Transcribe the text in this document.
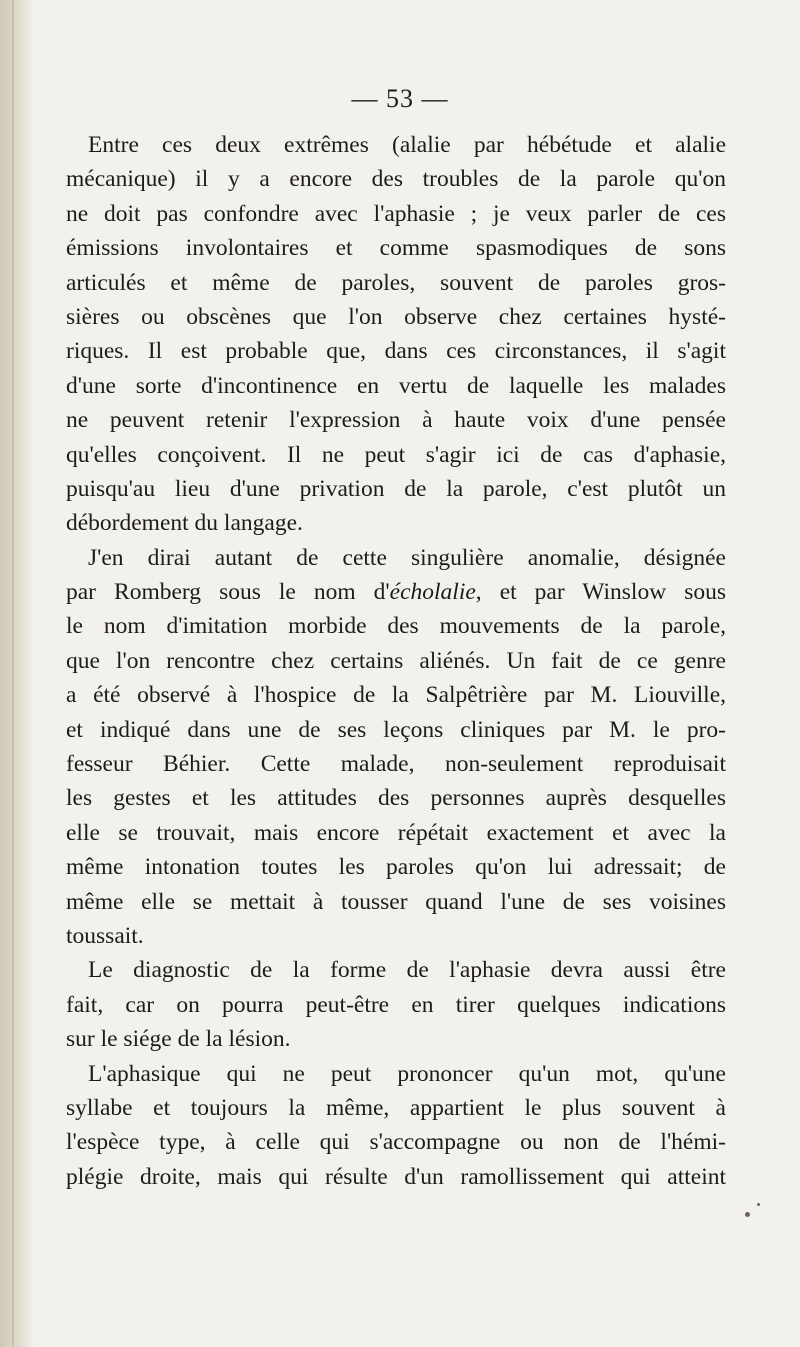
— 53 —
Entre ces deux extrêmes (alalie par hébétude et alalie
mécanique) il y a encore des troubles de la parole qu'on
ne doit pas confondre avec l'aphasie ; je veux parler de ces
émissions involontaires et comme spasmodiques de sons
articulés et même de paroles, souvent de paroles gros-
sières ou obscènes que l'on observe chez certaines hysté-
riques. Il est probable que, dans ces circonstances, il s'agit
d'une sorte d'incontinence en vertu de laquelle les malades
ne peuvent retenir l'expression à haute voix d'une pensée
qu'elles conçoivent. Il ne peut s'agir ici de cas d'aphasie,
puisqu'au lieu d'une privation de la parole, c'est plutôt un
débordement du langage.
J'en dirai autant de cette singulière anomalie, désignée
par Romberg sous le nom d'écholalie, et par Winslow sous
le nom d'imitation morbide des mouvements de la parole,
que l'on rencontre chez certains aliénés. Un fait de ce genre
a été observé à l'hospice de la Salpêtrière par M. Liouville,
et indiqué dans une de ses leçons cliniques par M. le pro-
fesseur Béhier. Cette malade, non-seulement reproduisait
les gestes et les attitudes des personnes auprès desquelles
elle se trouvait, mais encore répétait exactement et avec la
même intonation toutes les paroles qu'on lui adressait; de
même elle se mettait à tousser quand l'une de ses voisines
toussait.
Le diagnostic de la forme de l'aphasie devra aussi être
fait, car on pourra peut-être en tirer quelques indications
sur le siége de la lésion.
L'aphasique qui ne peut prononcer qu'un mot, qu'une
syllabe et toujours la même, appartient le plus souvent à
l'espèce type, à celle qui s'accompagne ou non de l'hémi-
plégie droite, mais qui résulte d'un ramollissement qui atteint
